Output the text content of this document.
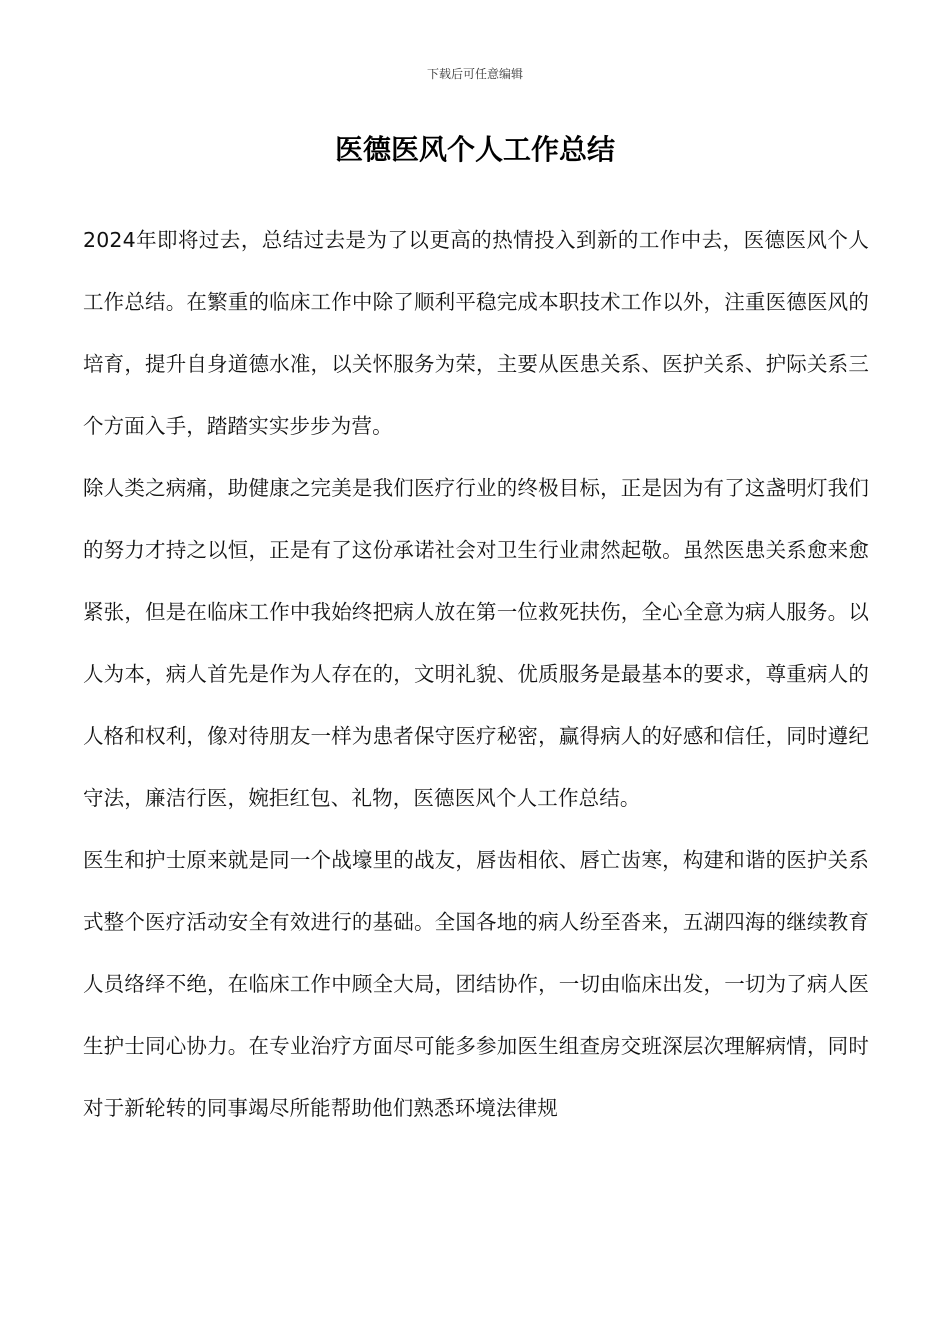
下载后可任意编辑
医德医风个人工作总结

2024年即将过去，总结过去是为了以更高的热情投入到新的工作中去，医德医风个人工作总结。在繁重的临床工作中除了顺利平稳完成本职技术工作以外，注重医德医风的培育，提升自身道德水准，以关怀服务为荣，主要从医患关系、医护关系、护际关系三个方面入手，踏踏实实步步为营。

除人类之病痛，助健康之完美是我们医疗行业的终极目标，正是因为有了这盏明灯我们的努力才持之以恒，正是有了这份承诺社会对卫生行业肃然起敬。虽然医患关系愈来愈紧张，但是在临床工作中我始终把病人放在第一位救死扶伤，全心全意为病人服务。以人为本，病人首先是作为人存在的，文明礼貌、优质服务是最基本的要求，尊重病人的人格和权利，像对待朋友一样为患者保守医疗秘密，赢得病人的好感和信任，同时遵纪守法，廉洁行医，婉拒红包、礼物，医德医风个人工作总结。

医生和护士原来就是同一个战壕里的战友，唇齿相依、唇亡齿寒，构建和谐的医护关系式整个医疗活动安全有效进行的基础。全国各地的病人纷至沓来，五湖四海的继续教育人员络绎不绝，在临床工作中顾全大局，团结协作，一切由临床出发，一切为了病人医生护士同心协力。在专业治疗方面尽可能多参加医生组查房交班深层次理解病情，同时对于新轮转的同事竭尽所能帮助他们熟悉环境法律规
